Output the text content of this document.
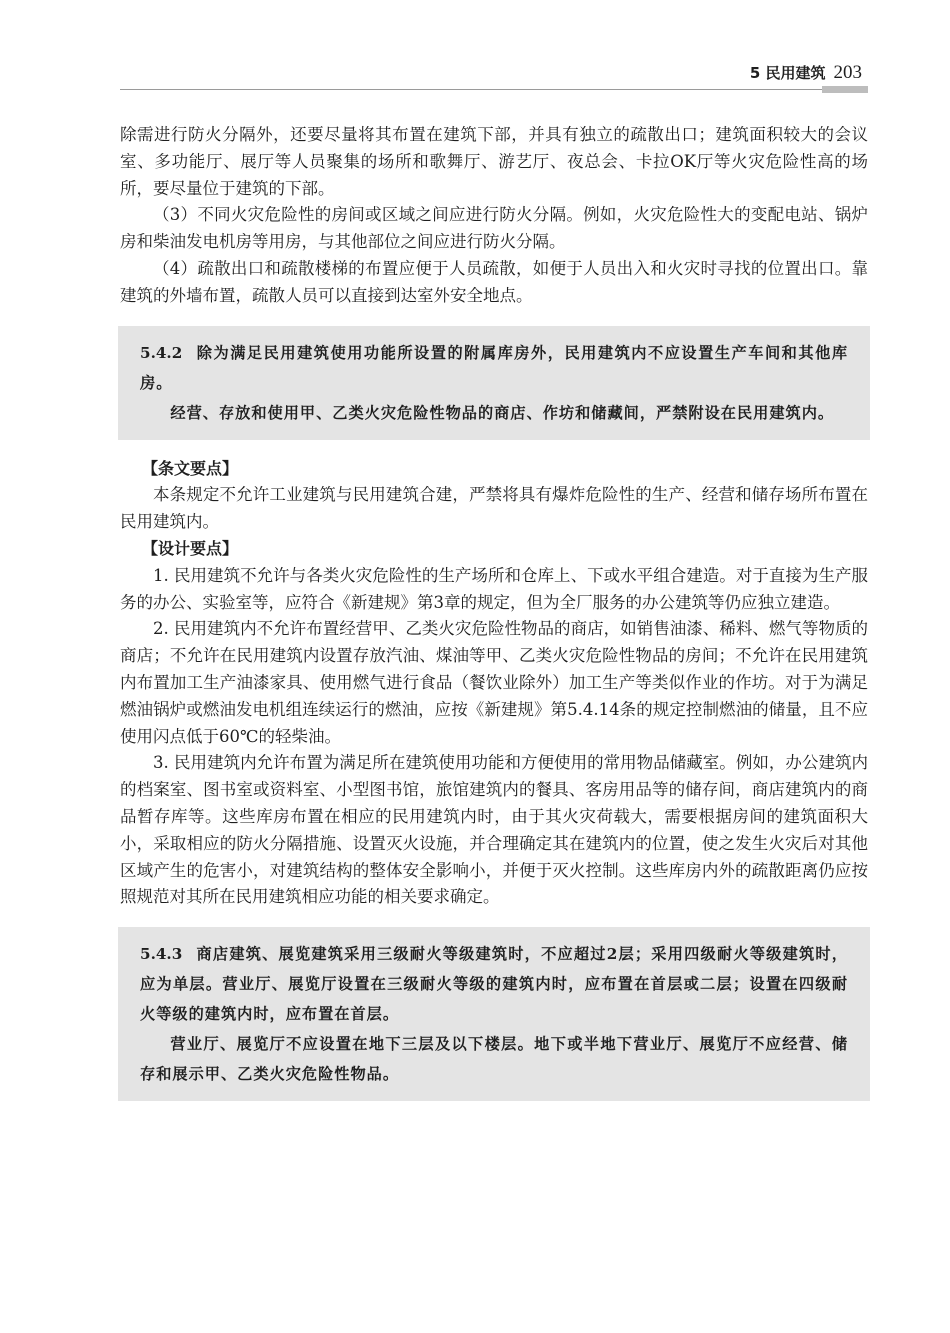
5 民用建筑 203

除需进行防火分隔外，还要尽量将其布置在建筑下部，并具有独立的疏散出口；建筑面积较大的会议室、多功能厅、展厅等人员聚集的场所和歌舞厅、游艺厅、夜总会、卡拉OK厅等火灾危险性高的场所，要尽量位于建筑的下部。

（3）不同火灾危险性的房间或区域之间应进行防火分隔。例如，火灾危险性大的变配电站、锅炉房和柴油发电机房等用房，与其他部位之间应进行防火分隔。

（4）疏散出口和疏散楼梯的布置应便于人员疏散，如便于人员出入和火灾时寻找的位置出口。靠建筑的外墙布置，疏散人员可以直接到达室外安全地点。

5.4.2 除为满足民用建筑使用功能所设置的附属库房外，民用建筑内不应设置生产车间和其他库房。

经营、存放和使用甲、乙类火灾危险性物品的商店、作坊和储藏间，严禁附设在民用建筑内。

【条文要点】

本条规定不允许工业建筑与民用建筑合建，严禁将具有爆炸危险性的生产、经营和储存场所布置在民用建筑内。

【设计要点】

1. 民用建筑不允许与各类火灾危险性的生产场所和仓库上、下或水平组合建造。对于直接为生产服务的办公、实验室等，应符合《新建规》第3章的规定，但为全厂服务的办公建筑等仍应独立建造。

2. 民用建筑内不允许布置经营甲、乙类火灾危险性物品的商店，如销售油漆、稀料、燃气等物质的商店；不允许在民用建筑内设置存放汽油、煤油等甲、乙类火灾危险性物品的房间；不允许在民用建筑内布置加工生产油漆家具、使用燃气进行食品（餐饮业除外）加工生产等类似作业的作坊。对于为满足燃油锅炉或燃油发电机组连续运行的燃油，应按《新建规》第5.4.14条的规定控制燃油的储量，且不应使用闪点低于60℃的轻柴油。

3. 民用建筑内允许布置为满足所在建筑使用功能和方便使用的常用物品储藏室。例如，办公建筑内的档案室、图书室或资料室、小型图书馆，旅馆建筑内的餐具、客房用品等的储存间，商店建筑内的商品暂存库等。这些库房布置在相应的民用建筑内时，由于其火灾荷载大，需要根据房间的建筑面积大小，采取相应的防火分隔措施、设置灭火设施，并合理确定其在建筑内的位置，使之发生火灾后对其他区域产生的危害小，对建筑结构的整体安全影响小，并便于灭火控制。这些库房内外的疏散距离仍应按照规范对其所在民用建筑相应功能的相关要求确定。

5.4.3 商店建筑、展览建筑采用三级耐火等级建筑时，不应超过2层；采用四级耐火等级建筑时，应为单层。营业厅、展览厅设置在三级耐火等级的建筑内时，应布置在首层或二层；设置在四级耐火等级的建筑内时，应布置在首层。

营业厅、展览厅不应设置在地下三层及以下楼层。地下或半地下营业厅、展览厅不应经营、储存和展示甲、乙类火灾危险性物品。
